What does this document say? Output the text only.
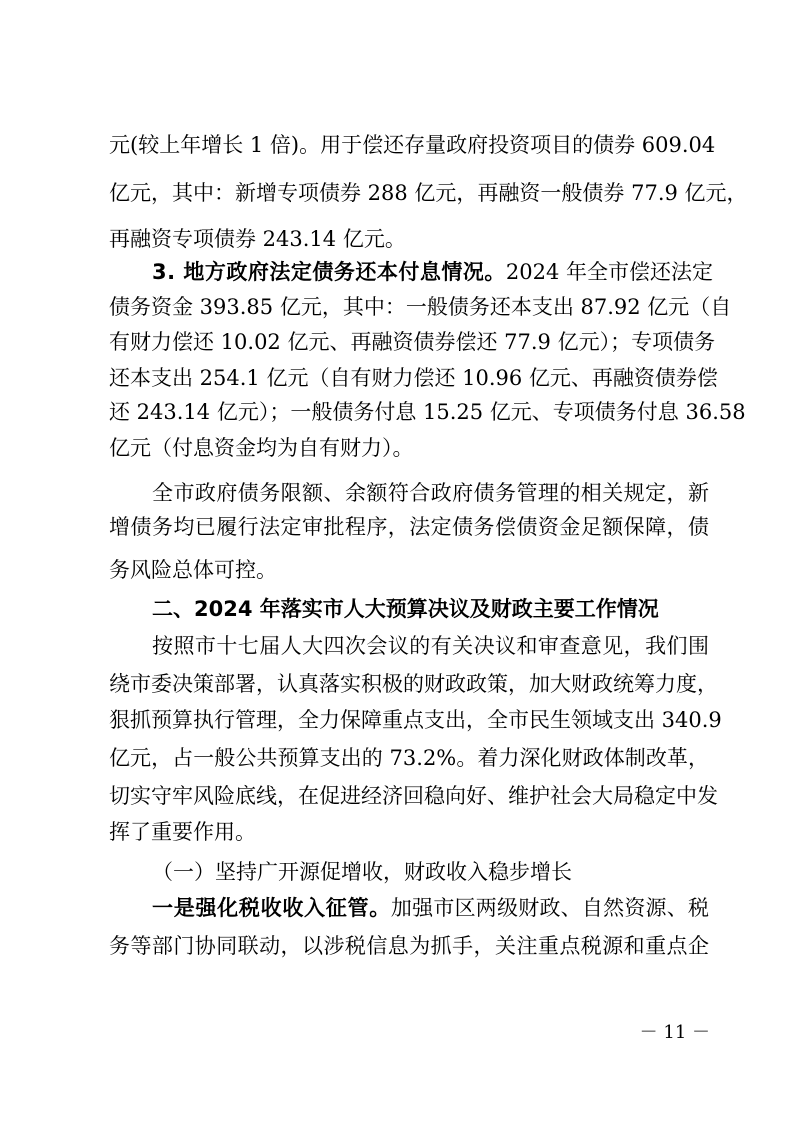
元(较上年增长 1 倍)。用于偿还存量政府投资项目的债券 609.04
亿元，其中：新增专项债券 288 亿元，再融资一般债券 77.9 亿元，
再融资专项债券 243.14 亿元。
3. 地方政府法定债务还本付息情况。2024 年全市偿还法定
债务资金 393.85 亿元，其中：一般债务还本支出 87.92 亿元（自
有财力偿还 10.02 亿元、再融资债券偿还 77.9 亿元）；专项债务
还本支出 254.1 亿元（自有财力偿还 10.96 亿元、再融资债券偿
还 243.14 亿元）；一般债务付息 15.25 亿元、专项债务付息 36.58
亿元（付息资金均为自有财力）。
全市政府债务限额、余额符合政府债务管理的相关规定，新
增债务均已履行法定审批程序，法定债务偿债资金足额保障，债
务风险总体可控。
二、2024 年落实市人大预算决议及财政主要工作情况
按照市十七届人大四次会议的有关决议和审查意见，我们围
绕市委决策部署，认真落实积极的财政政策，加大财政统筹力度，
狠抓预算执行管理，全力保障重点支出，全市民生领域支出 340.9
亿元，占一般公共预算支出的 73.2%。着力深化财政体制改革，
切实守牢风险底线，在促进经济回稳向好、维护社会大局稳定中发
挥了重要作用。
（一）坚持广开源促增收，财政收入稳步增长
一是强化税收收入征管。加强市区两级财政、自然资源、税
务等部门协同联动，以涉税信息为抓手，关注重点税源和重点企
－ 11 －
